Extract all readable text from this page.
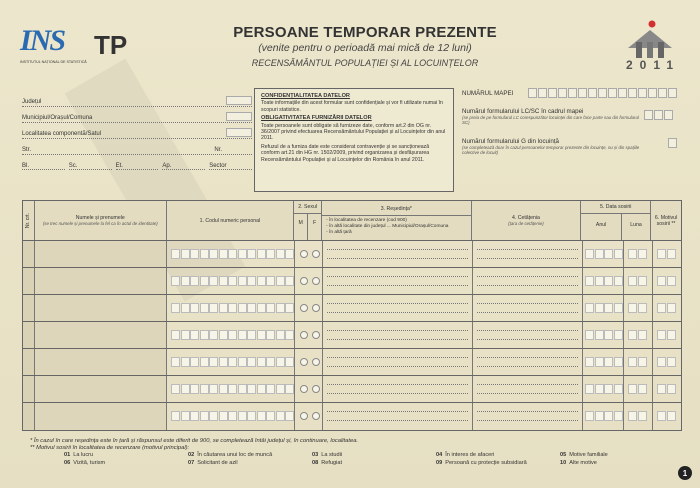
INS
INSTITUTUL NAȚIONAL DE STATISTICĂ
TP	PERSOANE TEMPORAR PREZENTE
(venite pentru o perioadă mai mică de 12 luni)
RECENSĂMÂNTUL POPULAȚIEI ȘI AL LOCUINȚELOR	2011
Județul
Municipiul/Orașul/Comuna
Localitatea componentă/Satul
Str.	Nr.
Bl.	Sc.	Et.	Ap.	Sector
CONFIDENȚIALITATEA DATELOR

Toate informațiile din acest formular sunt confidențiale și vor fi utilizate numai în scopuri statistice.

OBLIGATIVITATEA FURNIZĂRII DATELOR

Toate persoanele sunt obligate să furnizeze date, conform art.2 din OG nr. 36/2007 privind efectuarea Recensământului Populației și al Locuințelor din anul 2011.

Refuzul de a furniza date este considerat contravenție și se sancționează conform art.21 din HG nr. 1502/2009, privind organizarea și desfășurarea Recensământului Populației și al Locuințelor din România în anul 2011.

NUMĂRUL MAPEI
Numărul formularului LC/SC în cadrul mapei
(se preia de pe formularul LC corespunzător locuinței din care face parte sau din formularul SC)
Numărul formularului G din locuință
(se completează doar în cazul persoanelor temporar prezente din locuințe, nu și din spațiile colective de locuit)
Nr. crt.	Numele și prenumele
(se trec numele și prenumele la fel ca în actul de identitate)	1. Codul numeric personal
2. Sexul
M	F
3. Reședința*
- în localitatea de recenzare (cod 900)
- în altă localitate din județul ... Municipiul/Orașul/Comuna
- în altă țară
4. Cetățenia
(țara de cetățenie)
5. Data sosirii
Anul	Luna
6. Motivul sosirii **
* În cazul în care reședința este în țară și răspunsul este diferit de 900, se completează întâi județul și, în continuare, localitatea.
** Motivul sosirii în localitatea de recenzare (motivul principal):
01 La lucru	02 În căutarea unui loc de muncă	03 La studii	04 În interes de afaceri	05 Motive familiale
06 Vizită, turism	07 Solicitant de azil	08 Refugiat	09 Persoană cu protecție subsidiară	10 Alte motive
1
